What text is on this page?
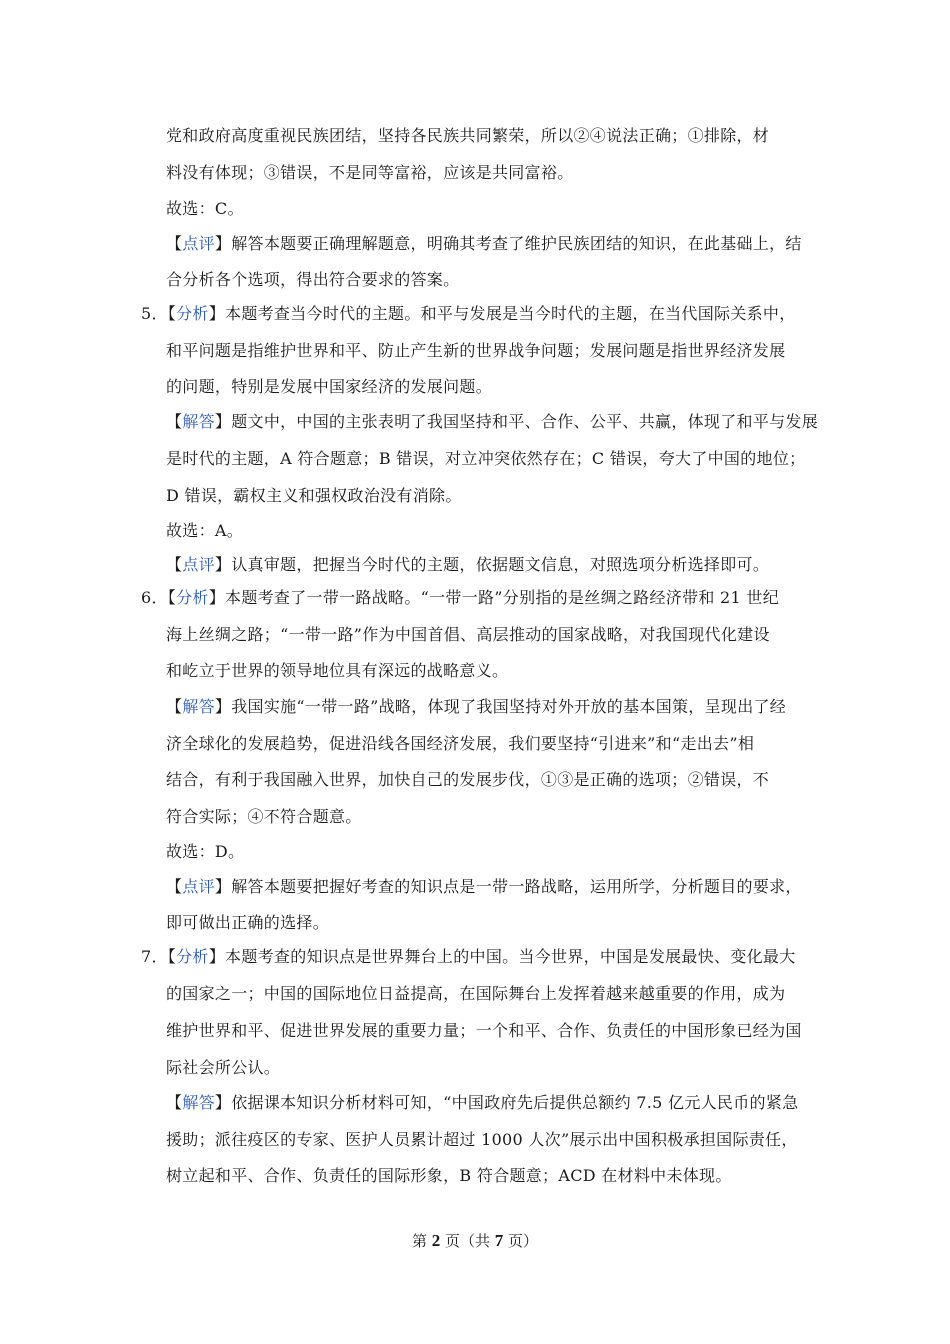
党和政府高度重视民族团结，坚持各民族共同繁荣，所以②④说法正确；①排除，材
料没有体现；③错误，不是同等富裕，应该是共同富裕。
故选：C。
【点评】解答本题要正确理解题意，明确其考查了维护民族团结的知识，在此基础上，结
合分析各个选项，得出符合要求的答案。
5．【分析】本题考查当今时代的主题。和平与发展是当今时代的主题，在当代国际关系中，
和平问题是指维护世界和平、防止产生新的世界战争问题；发展问题是指世界经济发展
的问题，特别是发展中国家经济的发展问题。
【解答】题文中，中国的主张表明了我国坚持和平、合作、公平、共赢，体现了和平与发展
是时代的主题，A 符合题意；B 错误，对立冲突依然存在；C 错误，夸大了中国的地位；
D 错误，霸权主义和强权政治没有消除。
故选：A。
【点评】认真审题，把握当今时代的主题，依据题文信息，对照选项分析选择即可。
6．【分析】本题考查了一带一路战略。“一带一路”分别指的是丝绸之路经济带和 21 世纪
海上丝绸之路；“一带一路”作为中国首倡、高层推动的国家战略，对我国现代化建设
和屹立于世界的领导地位具有深远的战略意义。
【解答】我国实施“一带一路”战略，体现了我国坚持对外开放的基本国策，呈现出了经
济全球化的发展趋势，促进沿线各国经济发展，我们要坚持“引进来”和“走出去”相
结合，有利于我国融入世界，加快自己的发展步伐，①③是正确的选项；②错误，不
符合实际；④不符合题意。
故选：D。
【点评】解答本题要把握好考查的知识点是一带一路战略，运用所学，分析题目的要求，
即可做出正确的选择。
7．【分析】本题考查的知识点是世界舞台上的中国。当今世界，中国是发展最快、变化最大
的国家之一；中国的国际地位日益提高，在国际舞台上发挥着越来越重要的作用，成为
维护世界和平、促进世界发展的重要力量；一个和平、合作、负责任的中国形象已经为国
际社会所公认。
【解答】依据课本知识分析材料可知，“中国政府先后提供总额约 7.5 亿元人民币的紧急
援助；派往疫区的专家、医护人员累计超过 1000 人次”展示出中国积极承担国际责任，
树立起和平、合作、负责任的国际形象，B 符合题意；ACD 在材料中未体现。
第 2 页（共 7 页）
